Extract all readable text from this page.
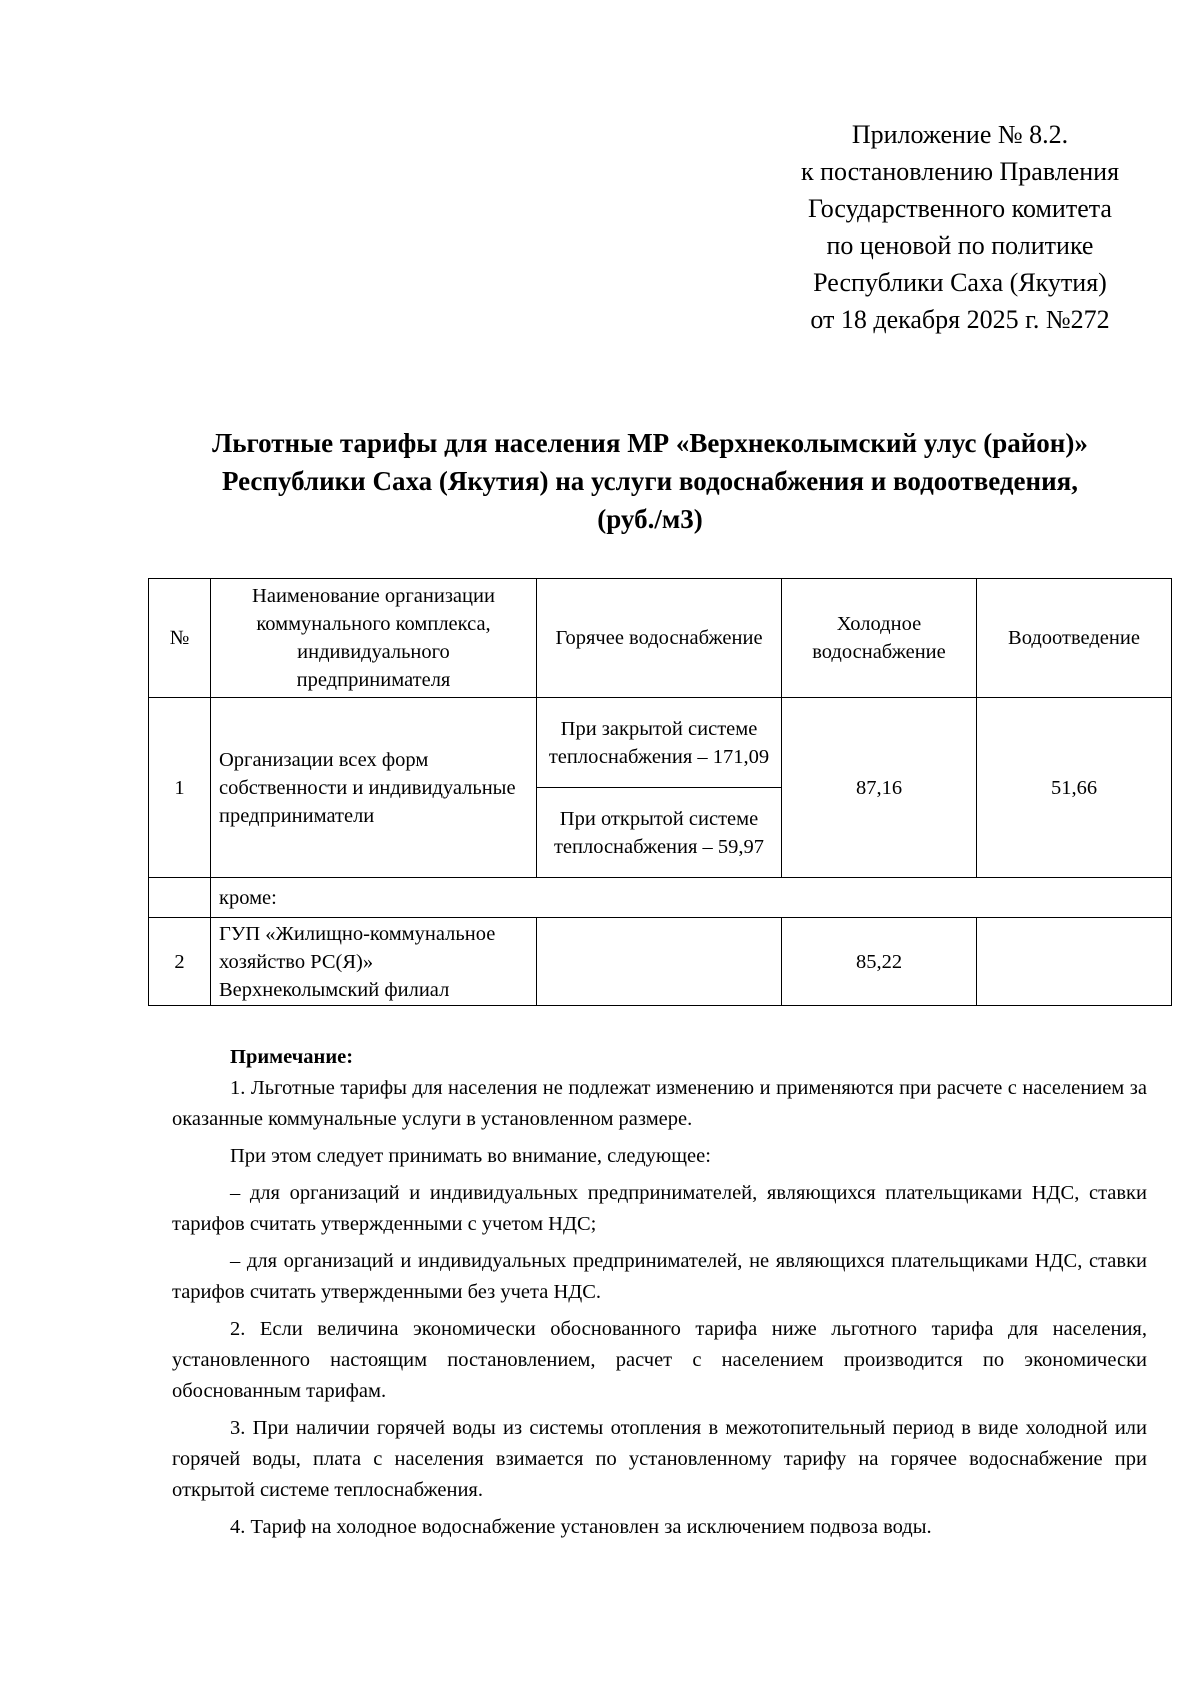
Приложение № 8.2.
к постановлению Правления
Государственного комитета
по ценовой по политике
Республики Саха (Якутия)
от 18 декабря 2025 г. №272
Льготные тарифы для населения МР «Верхнеколымский улус (район)»
Республики Саха (Якутия) на услуги водоснабжения и водоотведения,
(руб./м3)
№	Наименование организации коммунального комплекса, индивидуального предпринимателя	Горячее водоснабжение	Холодное водоснабжение	Водоотведение
1	Организации всех форм собственности и индивидуальные предприниматели	При закрытой системе теплоснабжения – 171,09	87,16	51,66
		При открытой системе теплоснабжения – 59,97		
	кроме:			
2	ГУП «Жилищно-коммунальное хозяйство РС(Я)» Верхнеколымский филиал		85,22	

Примечание:

1. Льготные тарифы для населения не подлежат изменению и применяются при расчете с населением за оказанные коммунальные услуги в установленном размере.

При этом следует принимать во внимание, следующее:

– для организаций и индивидуальных предпринимателей, являющихся плательщиками НДС, ставки тарифов считать утвержденными с учетом НДС;

– для организаций и индивидуальных предпринимателей, не являющихся плательщиками НДС, ставки тарифов считать утвержденными без учета НДС.

2. Если величина экономически обоснованного тарифа ниже льготного тарифа для населения, установленного настоящим постановлением, расчет с населением производится по экономически обоснованным тарифам.

3. При наличии горячей воды из системы отопления в межотопительный период в виде холодной или горячей воды, плата с населения взимается по установленному тарифу на горячее водоснабжение при открытой системе теплоснабжения.

4. Тариф на холодное водоснабжение установлен за исключением подвоза воды.
